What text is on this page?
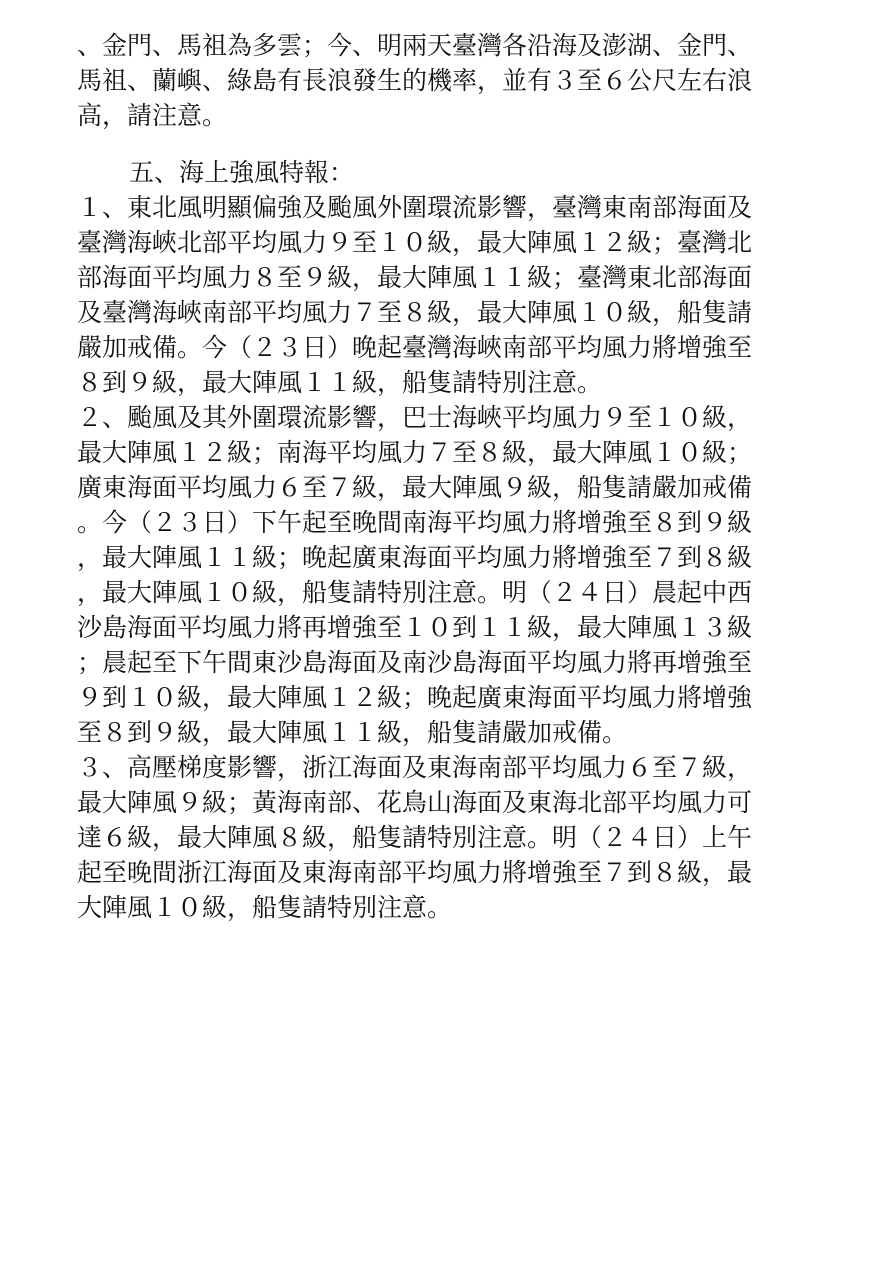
、金門、馬祖為多雲；今、明兩天臺灣各沿海及澎湖、金門、
馬祖、蘭嶼、綠島有長浪發生的機率，並有３至６公尺左右浪
高，請注意。
五、海上強風特報：
１、東北風明顯偏強及颱風外圍環流影響，臺灣東南部海面及
臺灣海峽北部平均風力９至１０級，最大陣風１２級；臺灣北
部海面平均風力８至９級，最大陣風１１級；臺灣東北部海面
及臺灣海峽南部平均風力７至８級，最大陣風１０級，船隻請
嚴加戒備。今（２３日）晚起臺灣海峽南部平均風力將增強至
８到９級，最大陣風１１級，船隻請特別注意。
２、颱風及其外圍環流影響，巴士海峽平均風力９至１０級，
最大陣風１２級；南海平均風力７至８級，最大陣風１０級；
廣東海面平均風力６至７級，最大陣風９級，船隻請嚴加戒備
。今（２３日）下午起至晚間南海平均風力將增強至８到９級
，最大陣風１１級；晚起廣東海面平均風力將增強至７到８級
，最大陣風１０級，船隻請特別注意。明（２４日）晨起中西
沙島海面平均風力將再增強至１０到１１級，最大陣風１３級
；晨起至下午間東沙島海面及南沙島海面平均風力將再增強至
９到１０級，最大陣風１２級；晚起廣東海面平均風力將增強
至８到９級，最大陣風１１級，船隻請嚴加戒備。
３、高壓梯度影響，浙江海面及東海南部平均風力６至７級，
最大陣風９級；黃海南部、花鳥山海面及東海北部平均風力可
達６級，最大陣風８級，船隻請特別注意。明（２４日）上午
起至晚間浙江海面及東海南部平均風力將增強至７到８級，最
大陣風１０級，船隻請特別注意。
